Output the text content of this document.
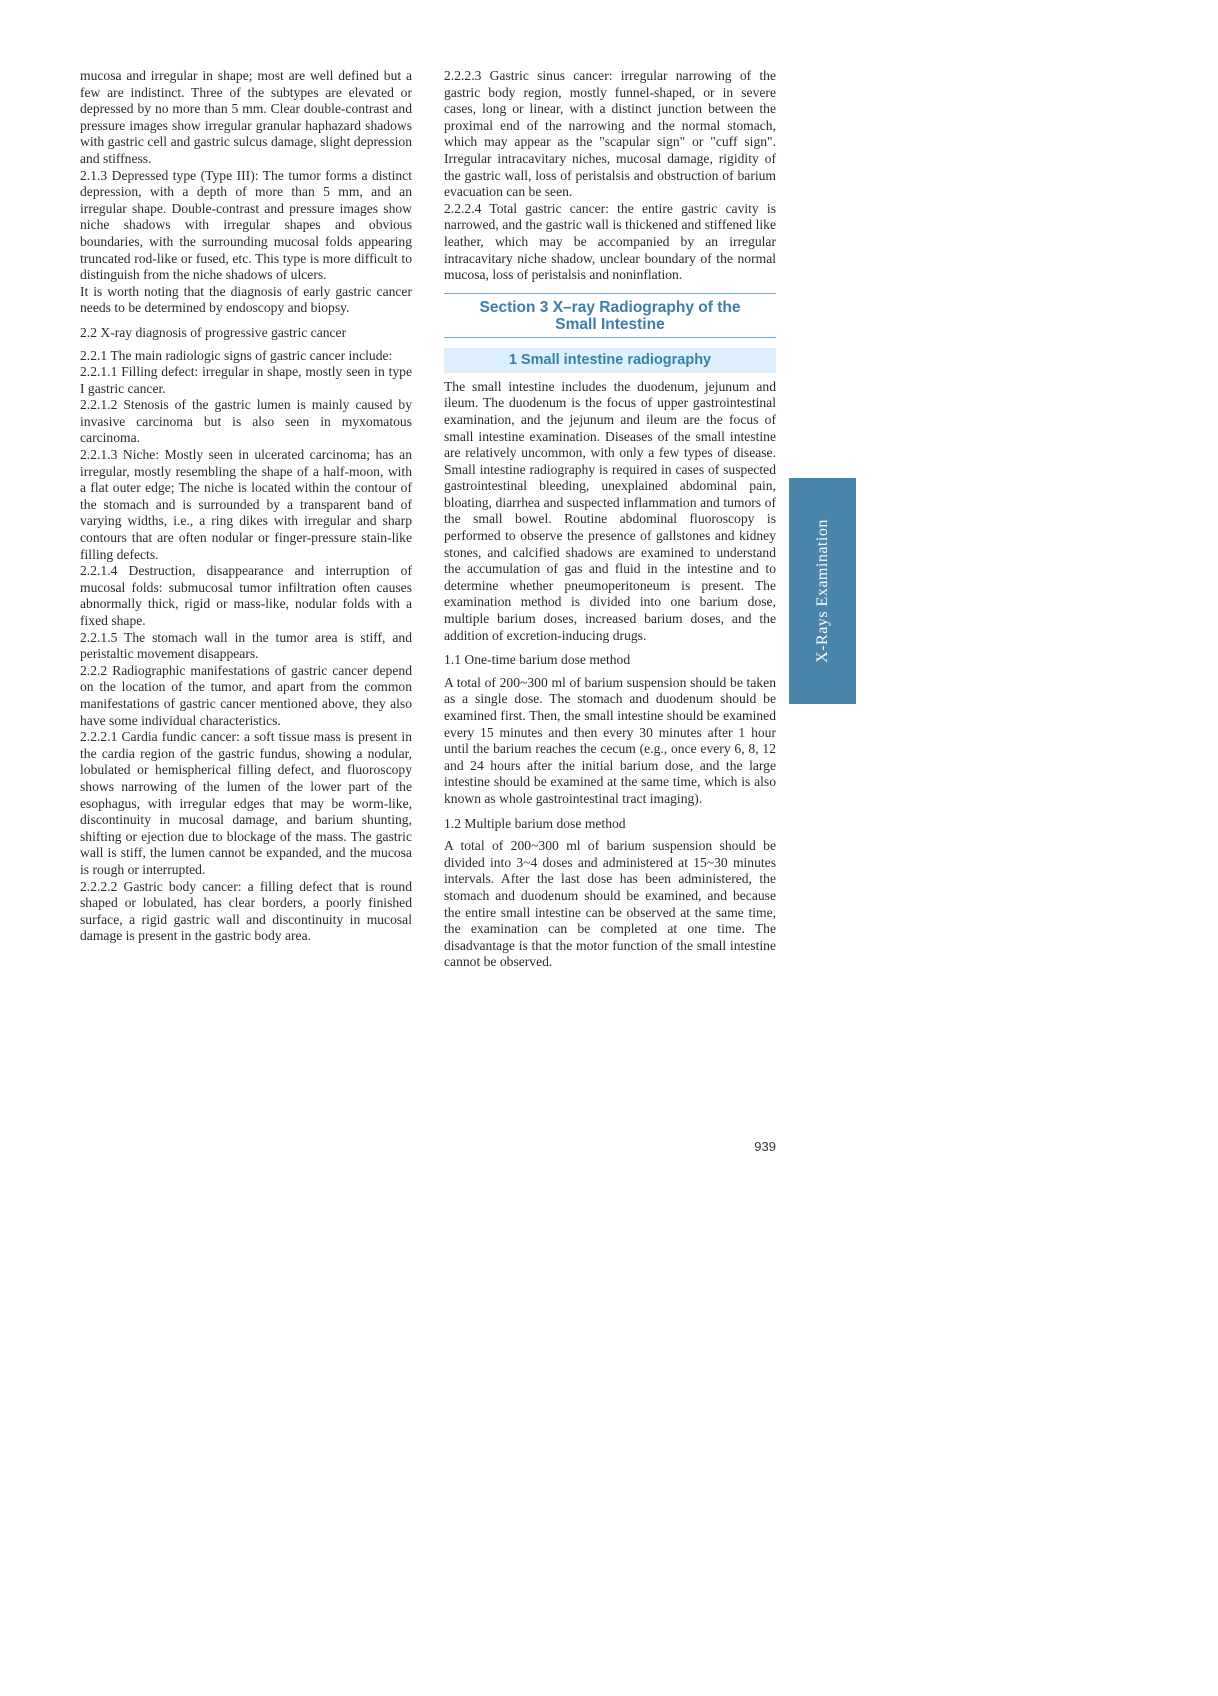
mucosa and irregular in shape; most are well defined but a few are indistinct. Three of the subtypes are elevated or depressed by no more than 5 mm. Clear double-contrast and pressure images show irregular granular haphazard shadows with gastric cell and gastric sulcus damage, slight depression and stiffness.

2.1.3 Depressed type (Type III): The tumor forms a distinct depression, with a depth of more than 5 mm, and an irregular shape. Double-contrast and pressure images show niche shadows with irregular shapes and obvious boundaries, with the surrounding mucosal folds appearing truncated rod-like or fused, etc. This type is more difficult to distinguish from the niche shadows of ulcers.

It is worth noting that the diagnosis of early gastric cancer needs to be determined by endoscopy and biopsy.

2.2 X-ray diagnosis of progressive gastric cancer

2.2.1 The main radiologic signs of gastric cancer include:

2.2.1.1 Filling defect: irregular in shape, mostly seen in type I gastric cancer.

2.2.1.2 Stenosis of the gastric lumen is mainly caused by invasive carcinoma but is also seen in myxomatous carcinoma.

2.2.1.3 Niche: Mostly seen in ulcerated carcinoma; has an irregular, mostly resembling the shape of a half-moon, with a flat outer edge; The niche is located within the contour of the stomach and is surrounded by a transparent band of varying widths, i.e., a ring dikes with irregular and sharp contours that are often nodular or finger-pressure stain-like filling defects.

2.2.1.4 Destruction, disappearance and interruption of mucosal folds: submucosal tumor infiltration often causes abnormally thick, rigid or mass-like, nodular folds with a fixed shape.

2.2.1.5 The stomach wall in the tumor area is stiff, and peristaltic movement disappears.

2.2.2 Radiographic manifestations of gastric cancer depend on the location of the tumor, and apart from the common manifestations of gastric cancer mentioned above, they also have some individual characteristics.

2.2.2.1 Cardia fundic cancer: a soft tissue mass is present in the cardia region of the gastric fundus, showing a nodular, lobulated or hemispherical filling defect, and fluoroscopy shows narrowing of the lumen of the lower part of the esophagus, with irregular edges that may be worm-like, discontinuity in mucosal damage, and barium shunting, shifting or ejection due to blockage of the mass. The gastric wall is stiff, the lumen cannot be expanded, and the mucosa is rough or interrupted.

2.2.2.2 Gastric body cancer: a filling defect that is round shaped or lobulated, has clear borders, a poorly finished surface, a rigid gastric wall and discontinuity in mucosal damage is present in the gastric body area.

2.2.2.3 Gastric sinus cancer: irregular narrowing of the gastric body region, mostly funnel-shaped, or in severe cases, long or linear, with a distinct junction between the proximal end of the narrowing and the normal stomach, which may appear as the "scapular sign" or "cuff sign". Irregular intracavitary niches, mucosal damage, rigidity of the gastric wall, loss of peristalsis and obstruction of barium evacuation can be seen.

2.2.2.4 Total gastric cancer: the entire gastric cavity is narrowed, and the gastric wall is thickened and stiffened like leather, which may be accompanied by an irregular intracavitary niche shadow, unclear boundary of the normal mucosa, loss of peristalsis and noninflation.

Section 3 X–ray Radiography of the
Small Intestine
1 Small intestine radiography

The small intestine includes the duodenum, jejunum and ileum. The duodenum is the focus of upper gastrointestinal examination, and the jejunum and ileum are the focus of small intestine examination. Diseases of the small intestine are relatively uncommon, with only a few types of disease. Small intestine radiography is required in cases of suspected gastrointestinal bleeding, unexplained abdominal pain, bloating, diarrhea and suspected inflammation and tumors of the small bowel. Routine abdominal fluoroscopy is performed to observe the presence of gallstones and kidney stones, and calcified shadows are examined to understand the accumulation of gas and fluid in the intestine and to determine whether pneumoperitoneum is present. The examination method is divided into one barium dose, multiple barium doses, increased barium doses, and the addition of excretion-inducing drugs.

1.1 One-time barium dose method

A total of 200~300 ml of barium suspension should be taken as a single dose. The stomach and duodenum should be examined first. Then, the small intestine should be examined every 15 minutes and then every 30 minutes after 1 hour until the barium reaches the cecum (e.g., once every 6, 8, 12 and 24 hours after the initial barium dose, and the large intestine should be examined at the same time, which is also known as whole gastrointestinal tract imaging).

1.2 Multiple barium dose method

A total of 200~300 ml of barium suspension should be divided into 3~4 doses and administered at 15~30 minutes intervals. After the last dose has been administered, the stomach and duodenum should be examined, and because the entire small intestine can be observed at the same time, the examination can be completed at one time. The disadvantage is that the motor function of the small intestine cannot be observed.

X-Rays Examination
939
